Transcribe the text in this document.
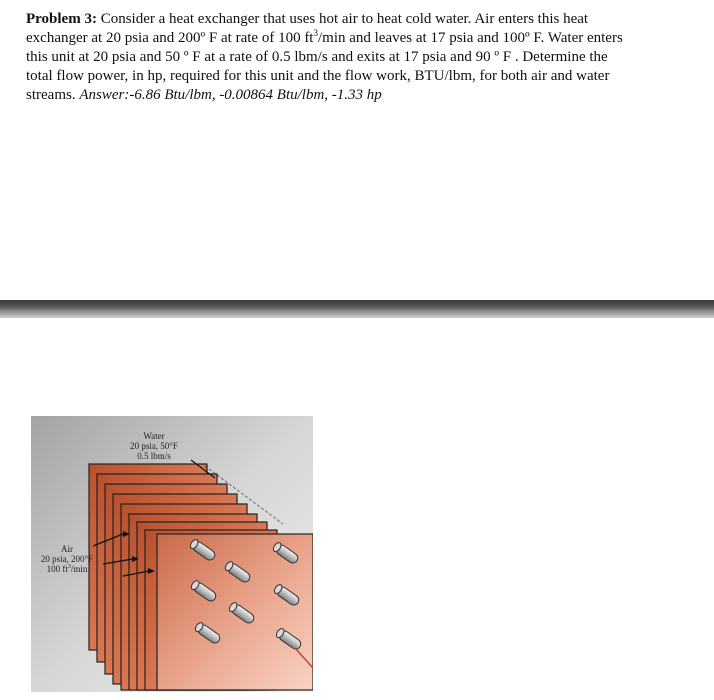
Problem 3: Consider a heat exchanger that uses hot air to heat cold water. Air enters this heat exchanger at 20 psia and 200º F at rate of 100 $ft^3/\min$ and leaves at 17 psia and 100º F. Water enters this unit at 20 psia and 50 º F at a rate of 0.5 lbm/s and exits at 17 psia and 90 º F . Determine the total flow power, in hp, required for this unit and the flow work, BTU/lbm, for both air and water streams. Answer:-6.86 Btu/lbm, -0.00864 Btu/lbm, -1.33 hp
Water
20 psia, 50°F
0.5 lbm/s
Air
20 psia, 200°F
100 $ft^3/\min$
